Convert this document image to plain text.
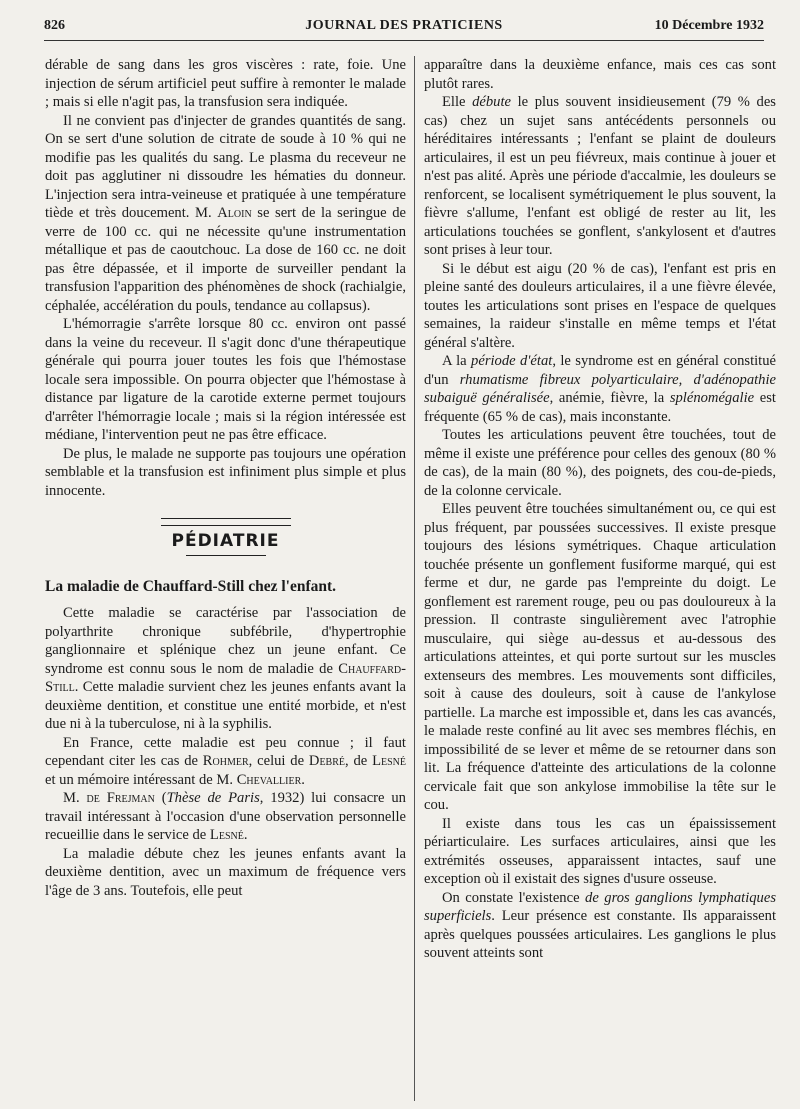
826	JOURNAL DES PRATICIENS	10 Décembre 1932

dérable de sang dans les gros viscères : rate, foie. Une injection de sérum artificiel peut suffire à remonter le malade ; mais si elle n'agit pas, la transfusion sera indiquée.

Il ne convient pas d'injecter de grandes quantités de sang. On se sert d'une solution de citrate de soude à 10 % qui ne modifie pas les qualités du sang. Le plasma du receveur ne doit pas agglutiner ni dissoudre les hématies du donneur. L'injection sera intra-veineuse et pratiquée à une température tiède et très doucement. M. Aloin se sert de la seringue de verre de 100 cc. qui ne nécessite qu'une instrumentation métallique et pas de caoutchouc. La dose de 160 cc. ne doit pas être dépassée, et il importe de surveiller pendant la transfusion l'apparition des phénomènes de shock (rachialgie, céphalée, accélération du pouls, tendance au collapsus).

L'hémorragie s'arrête lorsque 80 cc. environ ont passé dans la veine du receveur. Il s'agit donc d'une thérapeutique générale qui pourra jouer toutes les fois que l'hémostase locale sera impossible. On pourra objecter que l'hémostase à distance par ligature de la carotide externe permet toujours d'arrêter l'hémorragie locale ; mais si la région intéressée est médiane, l'intervention peut ne pas être efficace.

De plus, le malade ne supporte pas toujours une opération semblable et la transfusion est infiniment plus simple et plus innocente.

PÉDIATRIE

La maladie de Chauffard-Still chez l'enfant.

Cette maladie se caractérise par l'association de polyarthrite chronique subfébrile, d'hypertrophie ganglionnaire et splénique chez un jeune enfant. Ce syndrome est connu sous le nom de maladie de Chauffard-Still. Cette maladie survient chez les jeunes enfants avant la deuxième dentition, et constitue une entité morbide, et n'est due ni à la tuberculose, ni à la syphilis.

En France, cette maladie est peu connue ; il faut cependant citer les cas de Rohmer, celui de Debré, de Lesné et un mémoire intéressant de M. Chevallier.

M. de Frejman (Thèse de Paris, 1932) lui consacre un travail intéressant à l'occasion d'une observation personnelle recueillie dans le service de Lesné.

La maladie débute chez les jeunes enfants avant la deuxième dentition, avec un maximum de fréquence vers l'âge de 3 ans. Toutefois, elle peut

apparaître dans la deuxième enfance, mais ces cas sont plutôt rares.

Elle débute le plus souvent insidieusement (79 % des cas) chez un sujet sans antécédents personnels ou héréditaires intéressants ; l'enfant se plaint de douleurs articulaires, il est un peu fiévreux, mais continue à jouer et n'est pas alité. Après une période d'accalmie, les douleurs se renforcent, se localisent symétriquement le plus souvent, la fièvre s'allume, l'enfant est obligé de rester au lit, les articulations touchées se gonflent, s'ankylosent et d'autres sont prises à leur tour.

Si le début est aigu (20 % de cas), l'enfant est pris en pleine santé des douleurs articulaires, il a une fièvre élevée, toutes les articulations sont prises en l'espace de quelques semaines, la raideur s'installe en même temps et l'état général s'altère.

A la période d'état, le syndrome est en général constitué d'un rhumatisme fibreux polyarticulaire, d'adénopathie subaiguë généralisée, anémie, fièvre, la splénomégalie est fréquente (65 % de cas), mais inconstante.

Toutes les articulations peuvent être touchées, tout de même il existe une préférence pour celles des genoux (80 % de cas), de la main (80 %), des poignets, des cou-de-pieds, de la colonne cervicale.

Elles peuvent être touchées simultanément ou, ce qui est plus fréquent, par poussées successives. Il existe presque toujours des lésions symétriques. Chaque articulation touchée présente un gonflement fusiforme marqué, qui est ferme et dur, ne garde pas l'empreinte du doigt. Le gonflement est rarement rouge, peu ou pas douloureux à la pression. Il contraste singulièrement avec l'atrophie musculaire, qui siège au-dessus et au-dessous des articulations atteintes, et qui porte surtout sur les muscles extenseurs des membres. Les mouvements sont difficiles, soit à cause des douleurs, soit à cause de l'ankylose partielle. La marche est impossible et, dans les cas avancés, le malade reste confiné au lit avec ses membres fléchis, en impossibilité de se lever et même de se retourner dans son lit. La fréquence d'atteinte des articulations de la colonne cervicale fait que son ankylose immobilise la tête sur le cou.

Il existe dans tous les cas un épaississement périarticulaire. Les surfaces articulaires, ainsi que les extrémités osseuses, apparaissent intactes, sauf une exception où il existait des signes d'usure osseuse.

On constate l'existence de gros ganglions lymphatiques superficiels. Leur présence est constante. Ils apparaissent après quelques poussées articulaires. Les ganglions le plus souvent atteints sont
